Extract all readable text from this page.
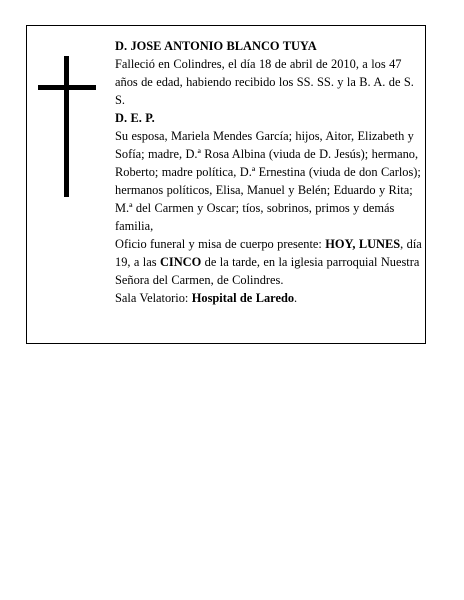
D. JOSE ANTONIO BLANCO TUYA

Falleció en Colindres, el día 18 de abril de 2010, a los 47 años de edad, habiendo recibido los SS. SS. y la B. A. de S. S.

D. E. P.

Su esposa, Mariela Mendes García; hijos, Aitor, Elizabeth y Sofía; madre, D.ª Rosa Albina (viuda de D. Jesús); hermano, Roberto; madre política, D.ª Ernestina (viuda de don Carlos); hermanos políticos, Elisa, Manuel y Belén; Eduardo y Rita; M.ª del Carmen y Oscar; tíos, sobrinos, primos y demás familia,

Oficio funeral y misa de cuerpo presente: HOY, LUNES, día 19, a las CINCO de la tarde, en la iglesia parroquial Nuestra Señora del Carmen, de Colindres.

Sala Velatorio: Hospital de Laredo.
